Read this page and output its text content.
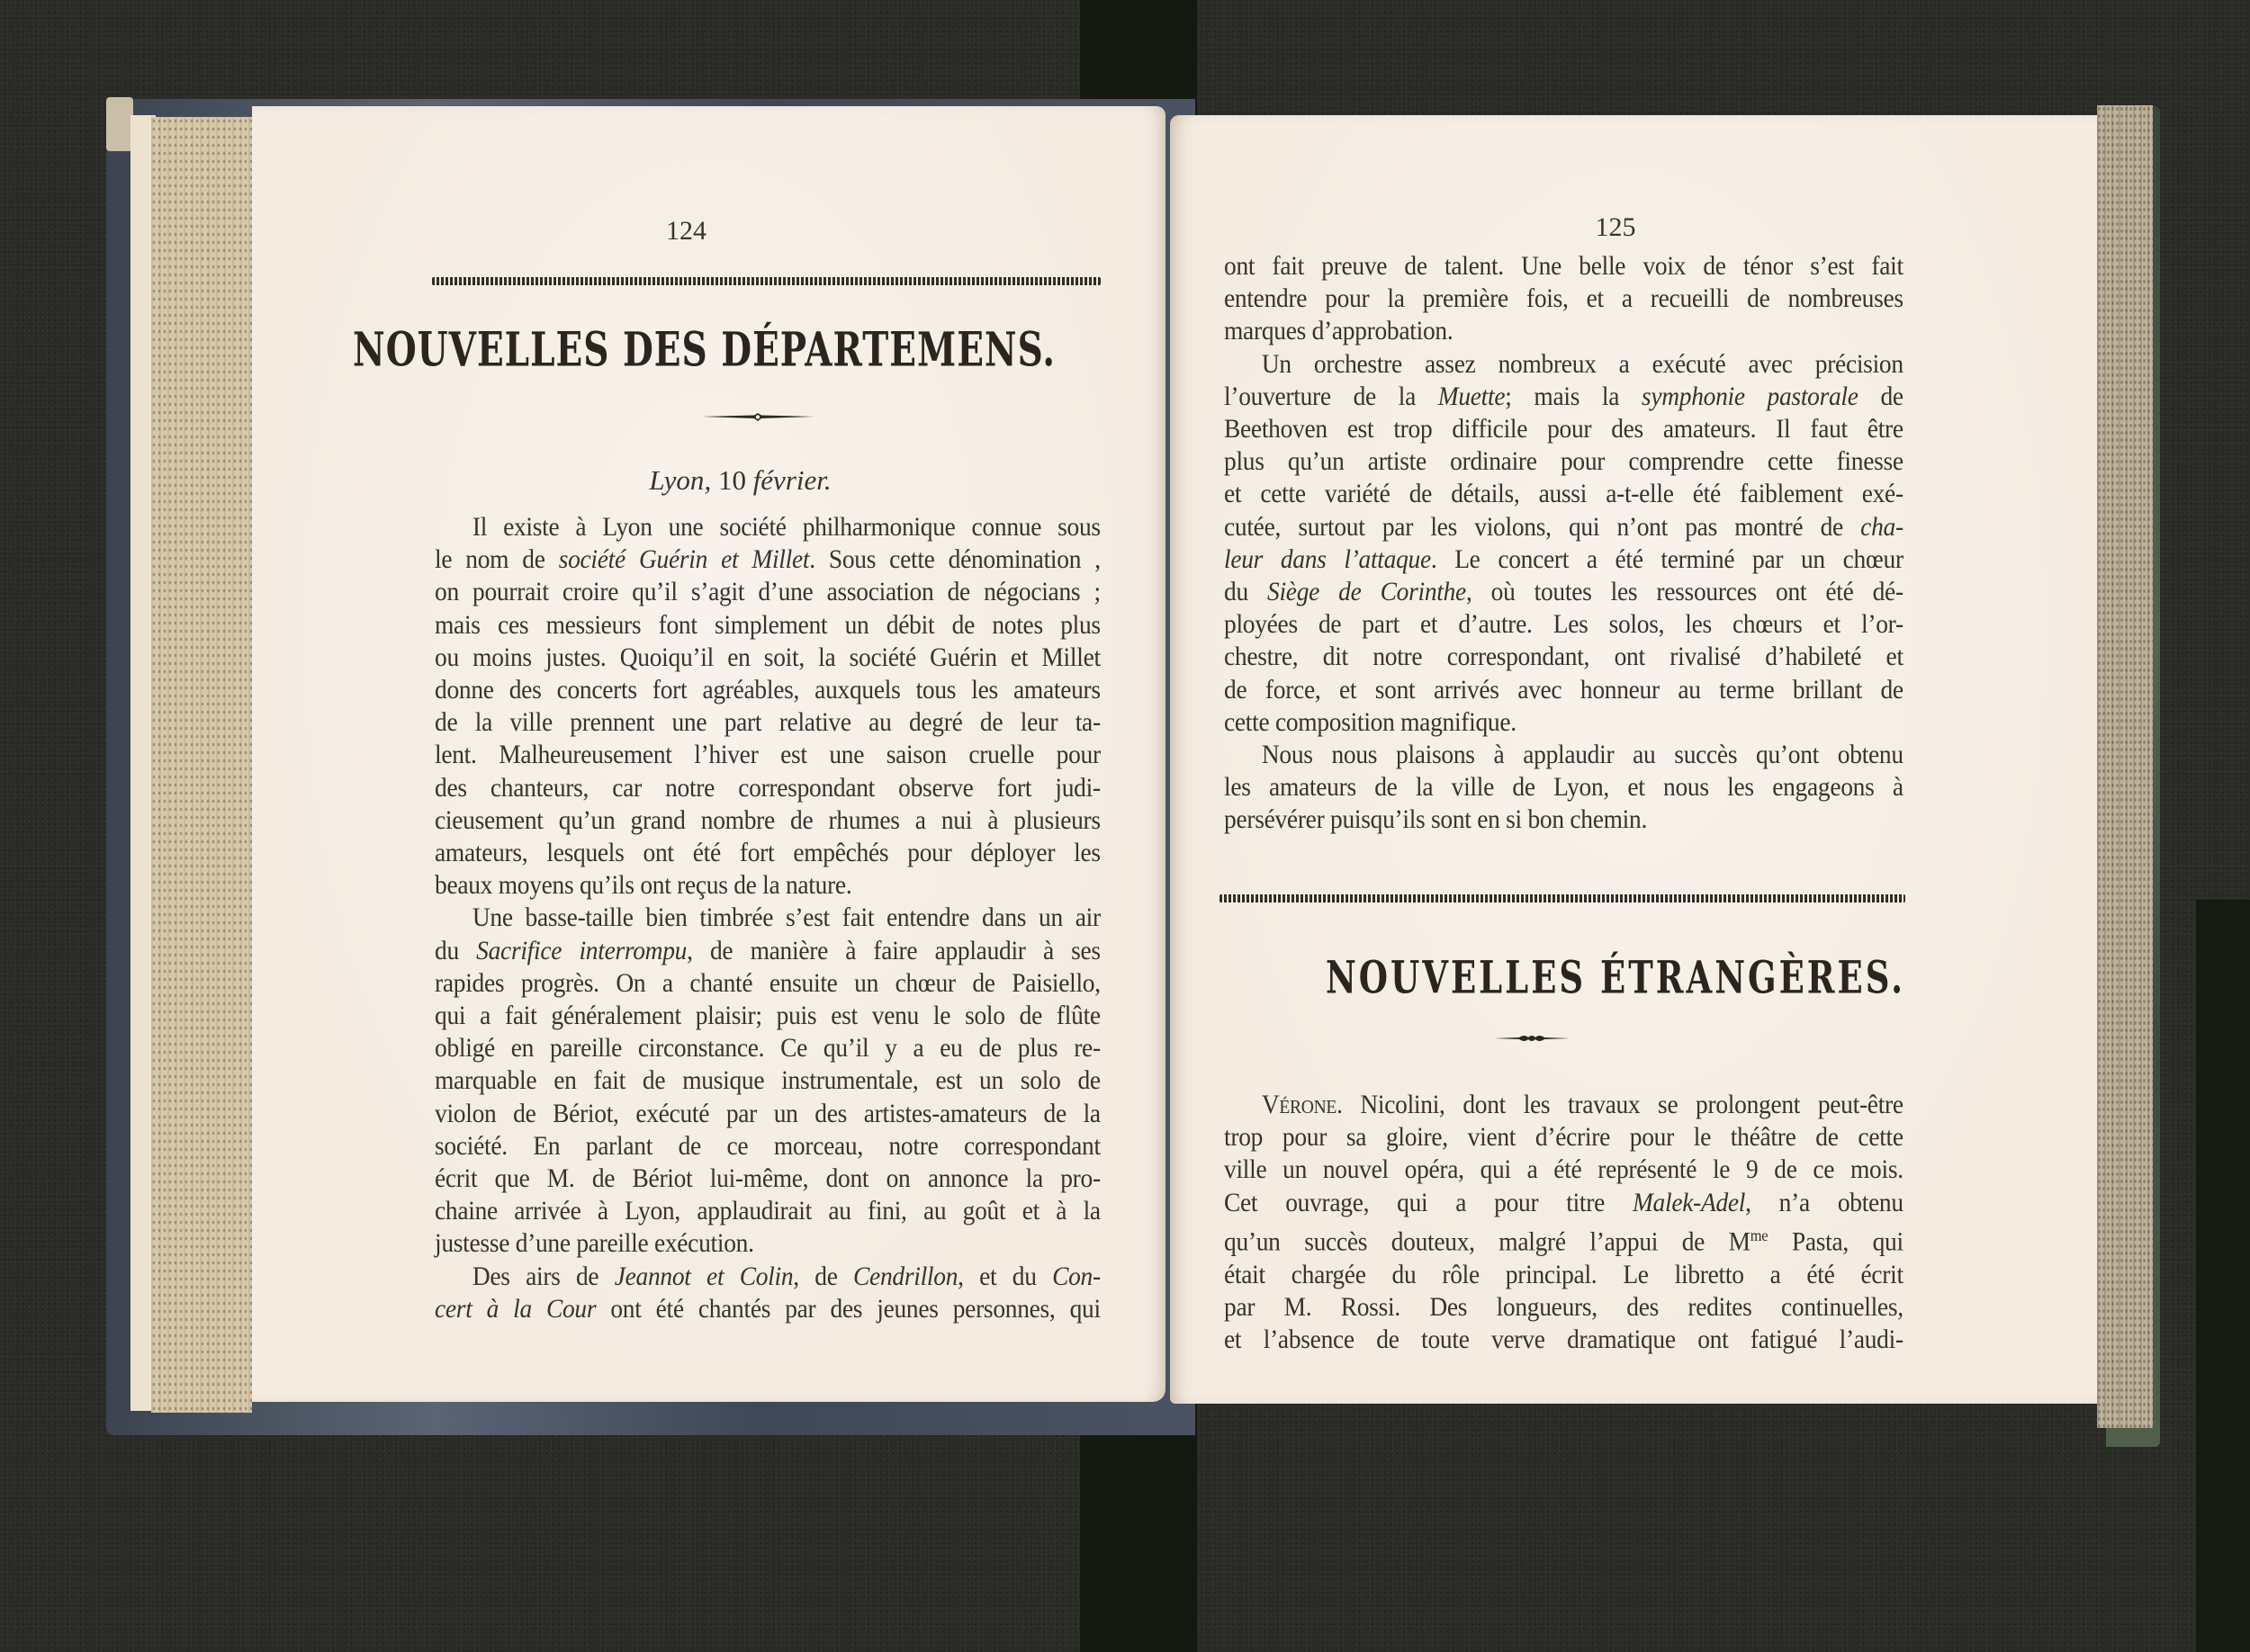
124
NOUVELLES DES DÉPARTEMENS.
Lyon, 10 février.

Il existe à Lyon une société philharmonique connue sous

le nom de société Guérin et Millet. Sous cette dénomination ,

on pourrait croire qu’il s’agit d’une association de négocians ;

mais ces messieurs font simplement un débit de notes plus

ou moins justes. Quoiqu’il en soit, la société Guérin et Millet

donne des concerts fort agréables, auxquels tous les amateurs

de la ville prennent une part relative au degré de leur ta-

lent. Malheureusement l’hiver est une saison cruelle pour

des chanteurs, car notre correspondant observe fort judi-

cieusement qu’un grand nombre de rhumes a nui à plusieurs

amateurs, lesquels ont été fort empêchés pour déployer les

beaux moyens qu’ils ont reçus de la nature.

Une basse-taille bien timbrée s’est fait entendre dans un air

du Sacrifice interrompu, de manière à faire applaudir à ses

rapides progrès. On a chanté ensuite un chœur de Paisiello,

qui a fait généralement plaisir; puis est venu le solo de flûte

obligé en pareille circonstance. Ce qu’il y a eu de plus re-

marquable en fait de musique instrumentale, est un solo de

violon de Bériot, exécuté par un des artistes-amateurs de la

société. En parlant de ce morceau, notre correspondant

écrit que M. de Bériot lui-même, dont on annonce la pro-

chaine arrivée à Lyon, applaudirait au fini, au goût et à la

justesse d’une pareille exécution.

Des airs de Jeannot et Colin, de Cendrillon, et du Con-

cert à la Cour ont été chantés par des jeunes personnes, qui

125

ont fait preuve de talent. Une belle voix de ténor s’est fait

entendre pour la première fois, et a recueilli de nombreuses

marques d’approbation.

Un orchestre assez nombreux a exécuté avec précision

l’ouverture de la Muette; mais la symphonie pastorale de

Beethoven est trop difficile pour des amateurs. Il faut être

plus qu’un artiste ordinaire pour comprendre cette finesse

et cette variété de détails, aussi a-t-elle été faiblement exé-

cutée, surtout par les violons, qui n’ont pas montré de cha-

leur dans l’attaque. Le concert a été terminé par un chœur

du Siège de Corinthe, où toutes les ressources ont été dé-

ployées de part et d’autre. Les solos, les chœurs et l’or-

chestre, dit notre correspondant, ont rivalisé d’habileté et

de force, et sont arrivés avec honneur au terme brillant de

cette composition magnifique.

Nous nous plaisons à applaudir au succès qu’ont obtenu

les amateurs de la ville de Lyon, et nous les engageons à

persévérer puisqu’ils sont en si bon chemin.

NOUVELLES ÉTRANGÈRES.

Vérone. Nicolini, dont les travaux se prolongent peut-être

trop pour sa gloire, vient d’écrire pour le théâtre de cette

ville un nouvel opéra, qui a été représenté le 9 de ce mois.

Cet ouvrage, qui a pour titre Malek-Adel, n’a obtenu

qu’un succès douteux, malgré l’appui de $M^{me}$ Pasta, qui

était chargée du rôle principal. Le libretto a été écrit

par M. Rossi. Des longueurs, des redites continuelles,

et l’absence de toute verve dramatique ont fatigué l’audi-
